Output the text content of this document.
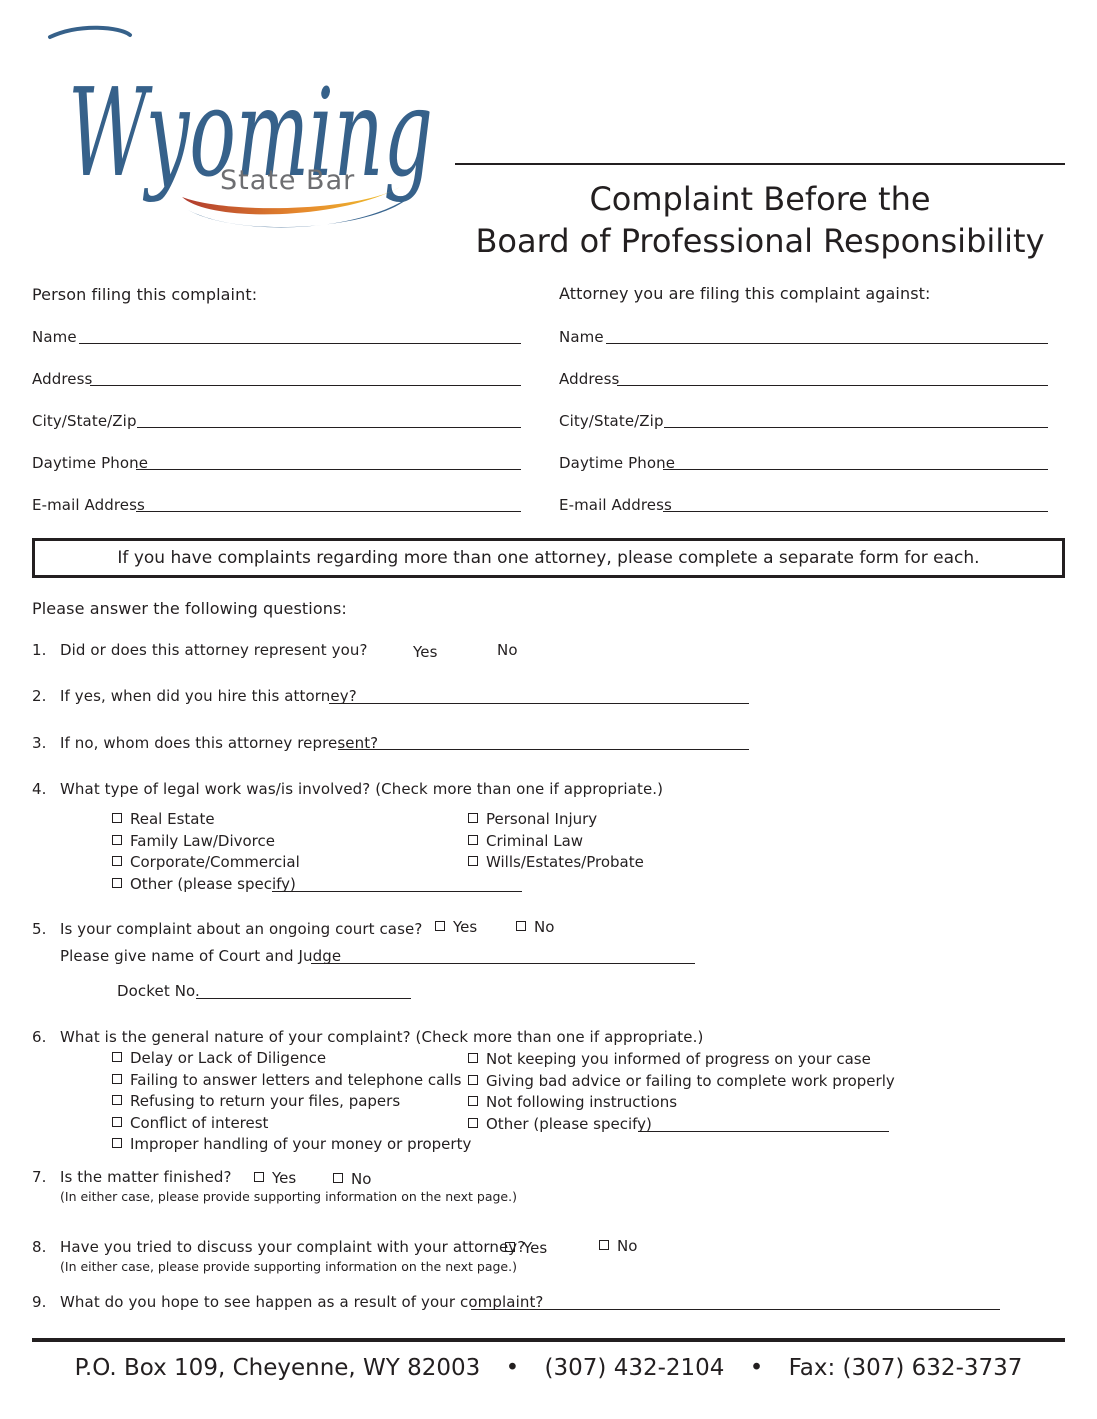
Wyoming
State Bar	Complaint Before the
Board of Professional Responsibility
Person filing this complaint:
Name
Address
City/State/Zip
Daytime Phone
E-mail Address
Attorney you are filing this complaint against:
Name
Address
City/State/Zip
Daytime Phone
E-mail Address
If you have complaints regarding more than one attorney, please complete a separate form for each.
Please answer the following questions:
1. Did or does this attorney represent you?	Yes	No
2. If yes, when did you hire this attorney?
3. If no, whom does this attorney represent?
4. What type of legal work was/is involved? (Check more than one if appropriate.)
Real Estate
Family Law/Divorce
Corporate/Commercial
Other (please specify)
Personal Injury
Criminal Law
Wills/Estates/Probate
5. Is your complaint about an ongoing court case?	Yes	No
Please give name of Court and Judge
Docket No.
6. What is the general nature of your complaint? (Check more than one if appropriate.)
Delay or Lack of Diligence
Failing to answer letters and telephone calls
Refusing to return your files, papers
Conflict of interest
Improper handling of your money or property
Not keeping you informed of progress on your case
Giving bad advice or failing to complete work properly
Not following instructions
Other (please specify)
7. Is the matter finished?	Yes	No
(In either case, please provide supporting information on the next page.)
8. Have you tried to discuss your complaint with your attorney?
Yes	No
(In either case, please provide supporting information on the next page.)
9. What do you hope to see happen as a result of your complaint?
P.O. Box 109, Cheyenne, WY 82003 • (307) 432-2104 • Fax: (307) 632-3737
